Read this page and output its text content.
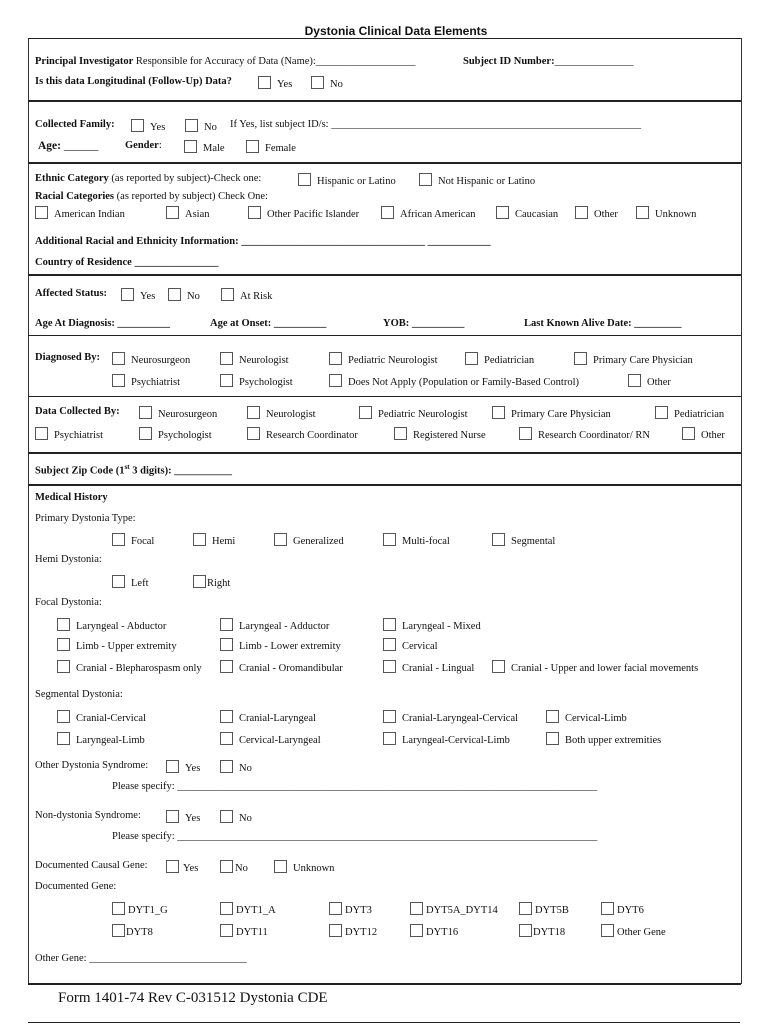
Dystonia Clinical Data Elements
Principal Investigator Responsible for Accuracy of Data (Name):___________________	Subject ID Number:_______________
Is this data Longitudinal (Follow-Up) Data?	Yes	No
Collected Family:	Yes	No If Yes, list subject ID/s: ___________________________________________________________
Age: ______	Gender:	Male	Female
Ethnic Category (as reported by subject)-Check one:	Hispanic or Latino	Not Hispanic or Latino
Racial Categories (as reported by subject) Check One:
American Indian	Asian	Other Pacific Islander	African American	Caucasian	Other	Unknown
Additional Racial and Ethnicity Information: ___________________________________ ____________
Country of Residence ________________
Affected Status:	Yes	No	At Risk
Age At Diagnosis: __________	Age at Onset: __________	YOB: __________	Last Known Alive Date: _________
Diagnosed By:	Neurosurgeon	Neurologist	Pediatric Neurologist	Pediatrician	Primary Care Physician
Psychiatrist	Psychologist	Does Not Apply (Population or Family-Based Control)	Other
Data Collected By:	Neurosurgeon	Neurologist	Pediatric Neurologist	Primary Care Physician	Pediatrician
Psychiatrist	Psychologist	Research Coordinator	Registered Nurse	Research Coordinator/ RN	Other
Subject Zip Code (1st 3 digits): ___________
Medical History
Primary Dystonia Type:
Focal	Hemi	Generalized	Multi-focal	Segmental
Hemi Dystonia:
Left	Right
Focal Dystonia:
Laryngeal - Abductor	Laryngeal - Adductor	Laryngeal - Mixed
Limb - Upper extremity	Limb - Lower extremity	Cervical
Cranial - Blepharospasm only	Cranial - Oromandibular	Cranial - Lingual	Cranial - Upper and lower facial movements
Segmental Dystonia:
Cranial-Cervical	Cranial-Laryngeal	Cranial-Laryngeal-Cervical	Cervical-Limb
Laryngeal-Limb	Cervical-Laryngeal	Laryngeal-Cervical-Limb	Both upper extremities
Other Dystonia Syndrome:	Yes	No
Please specify: ________________________________________________________________________________
Non-dystonia Syndrome:	Yes	No
Please specify: ________________________________________________________________________________
Documented Causal Gene:	Yes	No	Unknown
Documented Gene:
DYT1_G	DYT1_A	DYT3	DYT5A_DYT14	DYT5B	DYT6
DYT8	DYT11	DYT12	DYT16	DYT18	Other Gene
Other Gene: ______________________________
Form 1401-74 Rev C-031512 Dystonia CDE
